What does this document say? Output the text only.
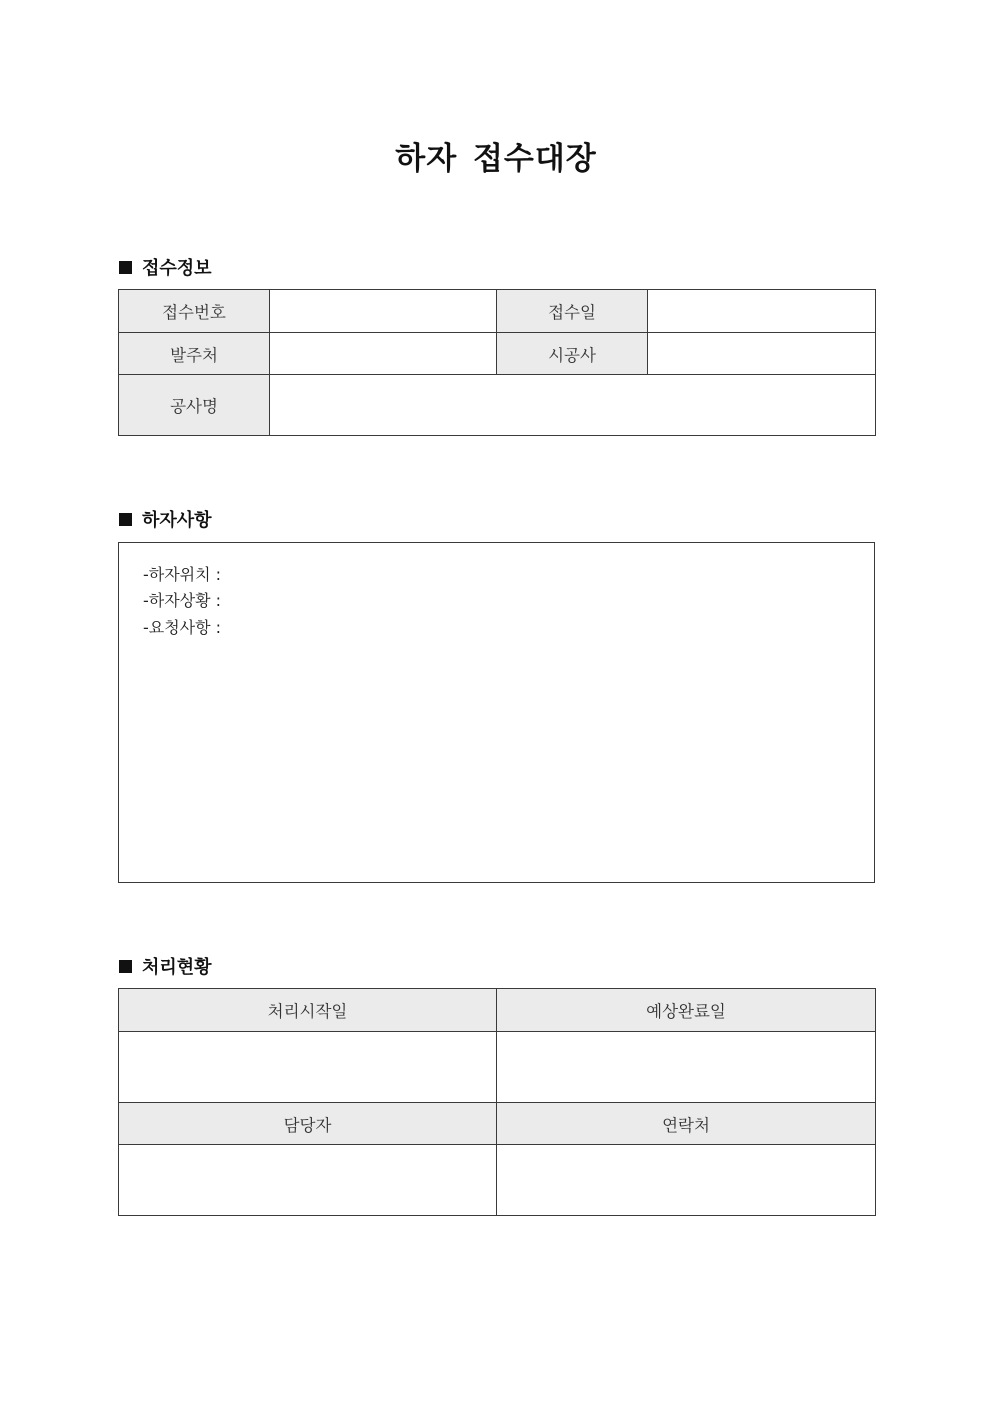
하자 접수대장
접수정보
접수번호		접수일	
발주처		시공사	
공사명			
하자사항
-하자위치 :
-하자상황 :
-요청사항 :
처리현황
처리시작일	예상완료일

담당자	연락처
